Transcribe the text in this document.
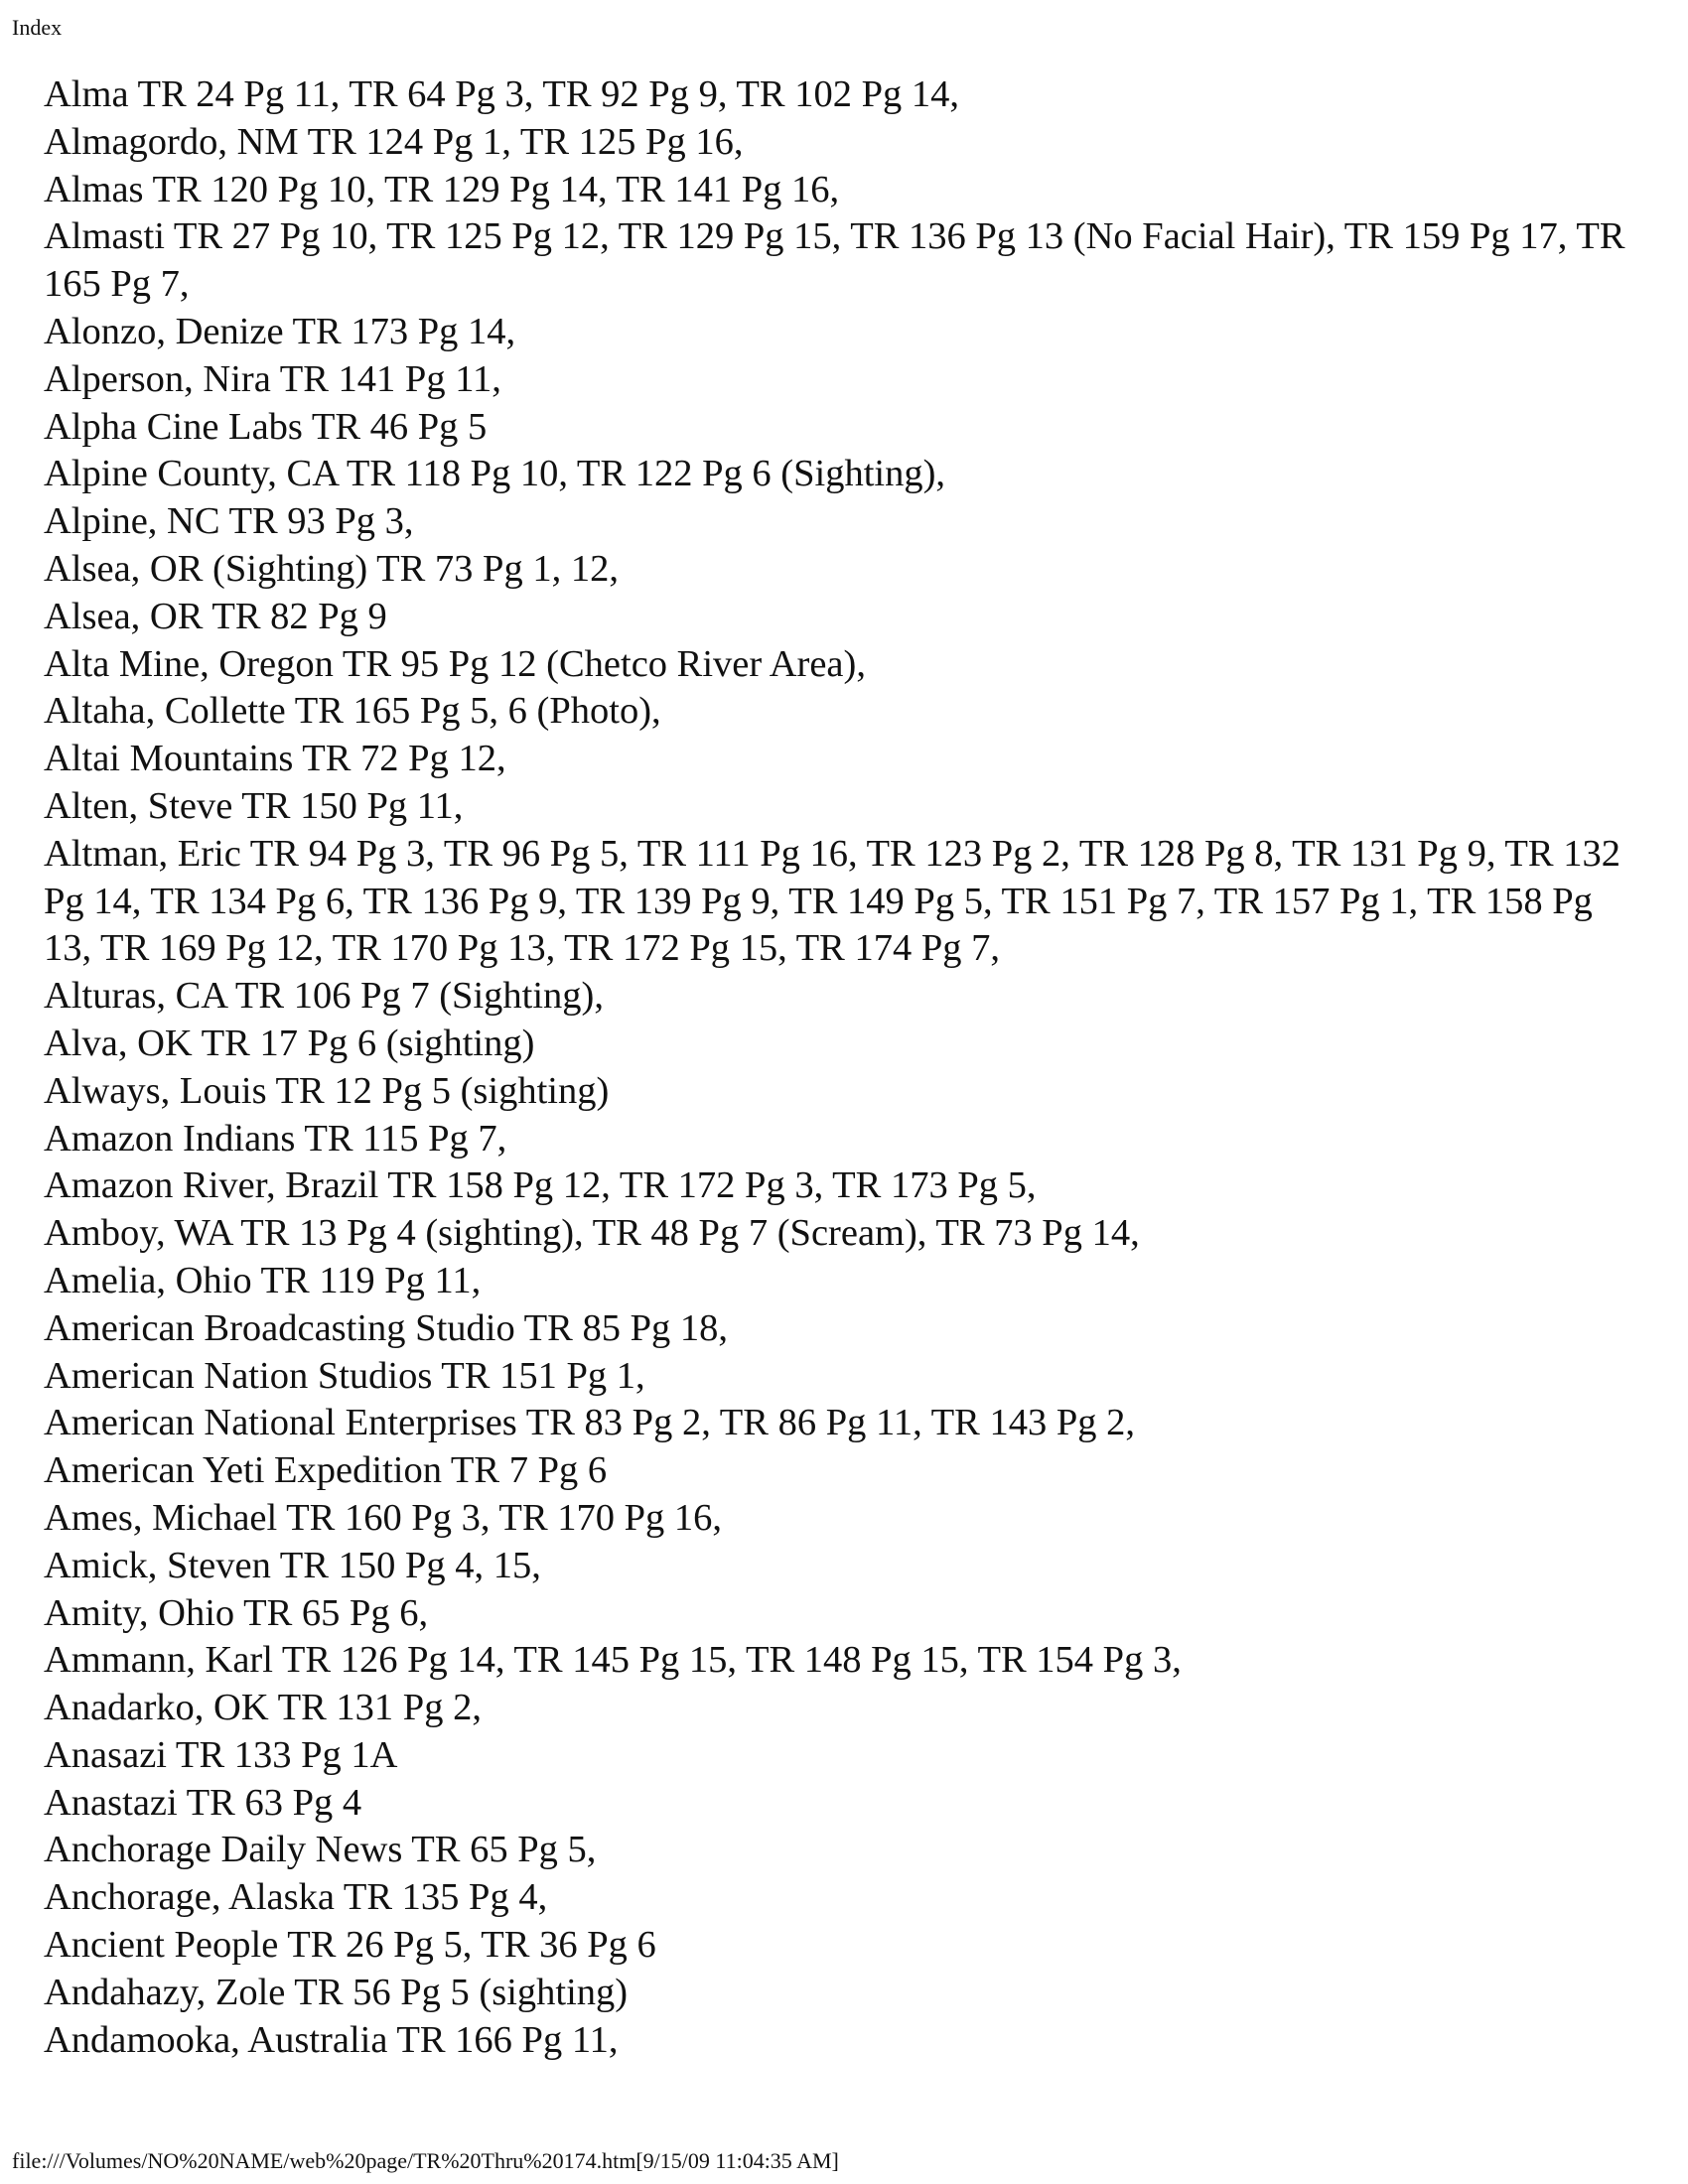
Index
Alma TR 24 Pg 11, TR 64 Pg 3, TR 92 Pg 9, TR 102 Pg 14,
Almagordo, NM TR 124 Pg 1, TR 125 Pg 16,
Almas TR 120 Pg 10, TR 129 Pg 14, TR 141 Pg 16,
Almasti TR 27 Pg 10, TR 125 Pg 12, TR 129 Pg 15, TR 136 Pg 13 (No Facial Hair), TR 159 Pg 17, TR 165 Pg 7,
Alonzo, Denize TR 173 Pg 14,
Alperson, Nira TR 141 Pg 11,
Alpha Cine Labs TR 46 Pg 5
Alpine County, CA TR 118 Pg 10, TR 122 Pg 6 (Sighting),
Alpine, NC TR 93 Pg 3,
Alsea, OR (Sighting) TR 73 Pg 1, 12,
Alsea, OR TR 82 Pg 9
Alta Mine, Oregon TR 95 Pg 12 (Chetco River Area),
Altaha, Collette TR 165 Pg 5, 6 (Photo),
Altai Mountains TR 72 Pg 12,
Alten, Steve TR 150 Pg 11,
Altman, Eric TR 94 Pg 3, TR 96 Pg 5, TR 111 Pg 16, TR 123 Pg 2, TR 128 Pg 8, TR 131 Pg 9, TR 132 Pg 14, TR 134 Pg 6, TR 136 Pg 9, TR 139 Pg 9, TR 149 Pg 5, TR 151 Pg 7, TR 157 Pg 1, TR 158 Pg 13, TR 169 Pg 12, TR 170 Pg 13, TR 172 Pg 15, TR 174 Pg 7,
Alturas, CA TR 106 Pg 7 (Sighting),
Alva, OK TR 17 Pg 6 (sighting)
Always, Louis TR 12 Pg 5 (sighting)
Amazon Indians TR 115 Pg 7,
Amazon River, Brazil TR 158 Pg 12, TR 172 Pg 3, TR 173 Pg 5,
Amboy, WA TR 13 Pg 4 (sighting), TR 48 Pg 7 (Scream), TR 73 Pg 14,
Amelia, Ohio TR 119 Pg 11,
American Broadcasting Studio TR 85 Pg 18,
American Nation Studios TR 151 Pg 1,
American National Enterprises TR 83 Pg 2, TR 86 Pg 11, TR 143 Pg 2,
American Yeti Expedition TR 7 Pg 6
Ames, Michael TR 160 Pg 3, TR 170 Pg 16,
Amick, Steven TR 150 Pg 4, 15,
Amity, Ohio TR 65 Pg 6,
Ammann, Karl TR 126 Pg 14, TR 145 Pg 15, TR 148 Pg 15, TR 154 Pg 3,
Anadarko, OK TR 131 Pg 2,
Anasazi TR 133 Pg 1A
Anastazi TR 63 Pg 4
Anchorage Daily News TR 65 Pg 5,
Anchorage, Alaska TR 135 Pg 4,
Ancient People TR 26 Pg 5, TR 36 Pg 6
Andahazy, Zole TR 56 Pg 5 (sighting)
Andamooka, Australia TR 166 Pg 11,
file:///Volumes/NO%20NAME/web%20page/TR%20Thru%20174.htm[9/15/09 11:04:35 AM]
